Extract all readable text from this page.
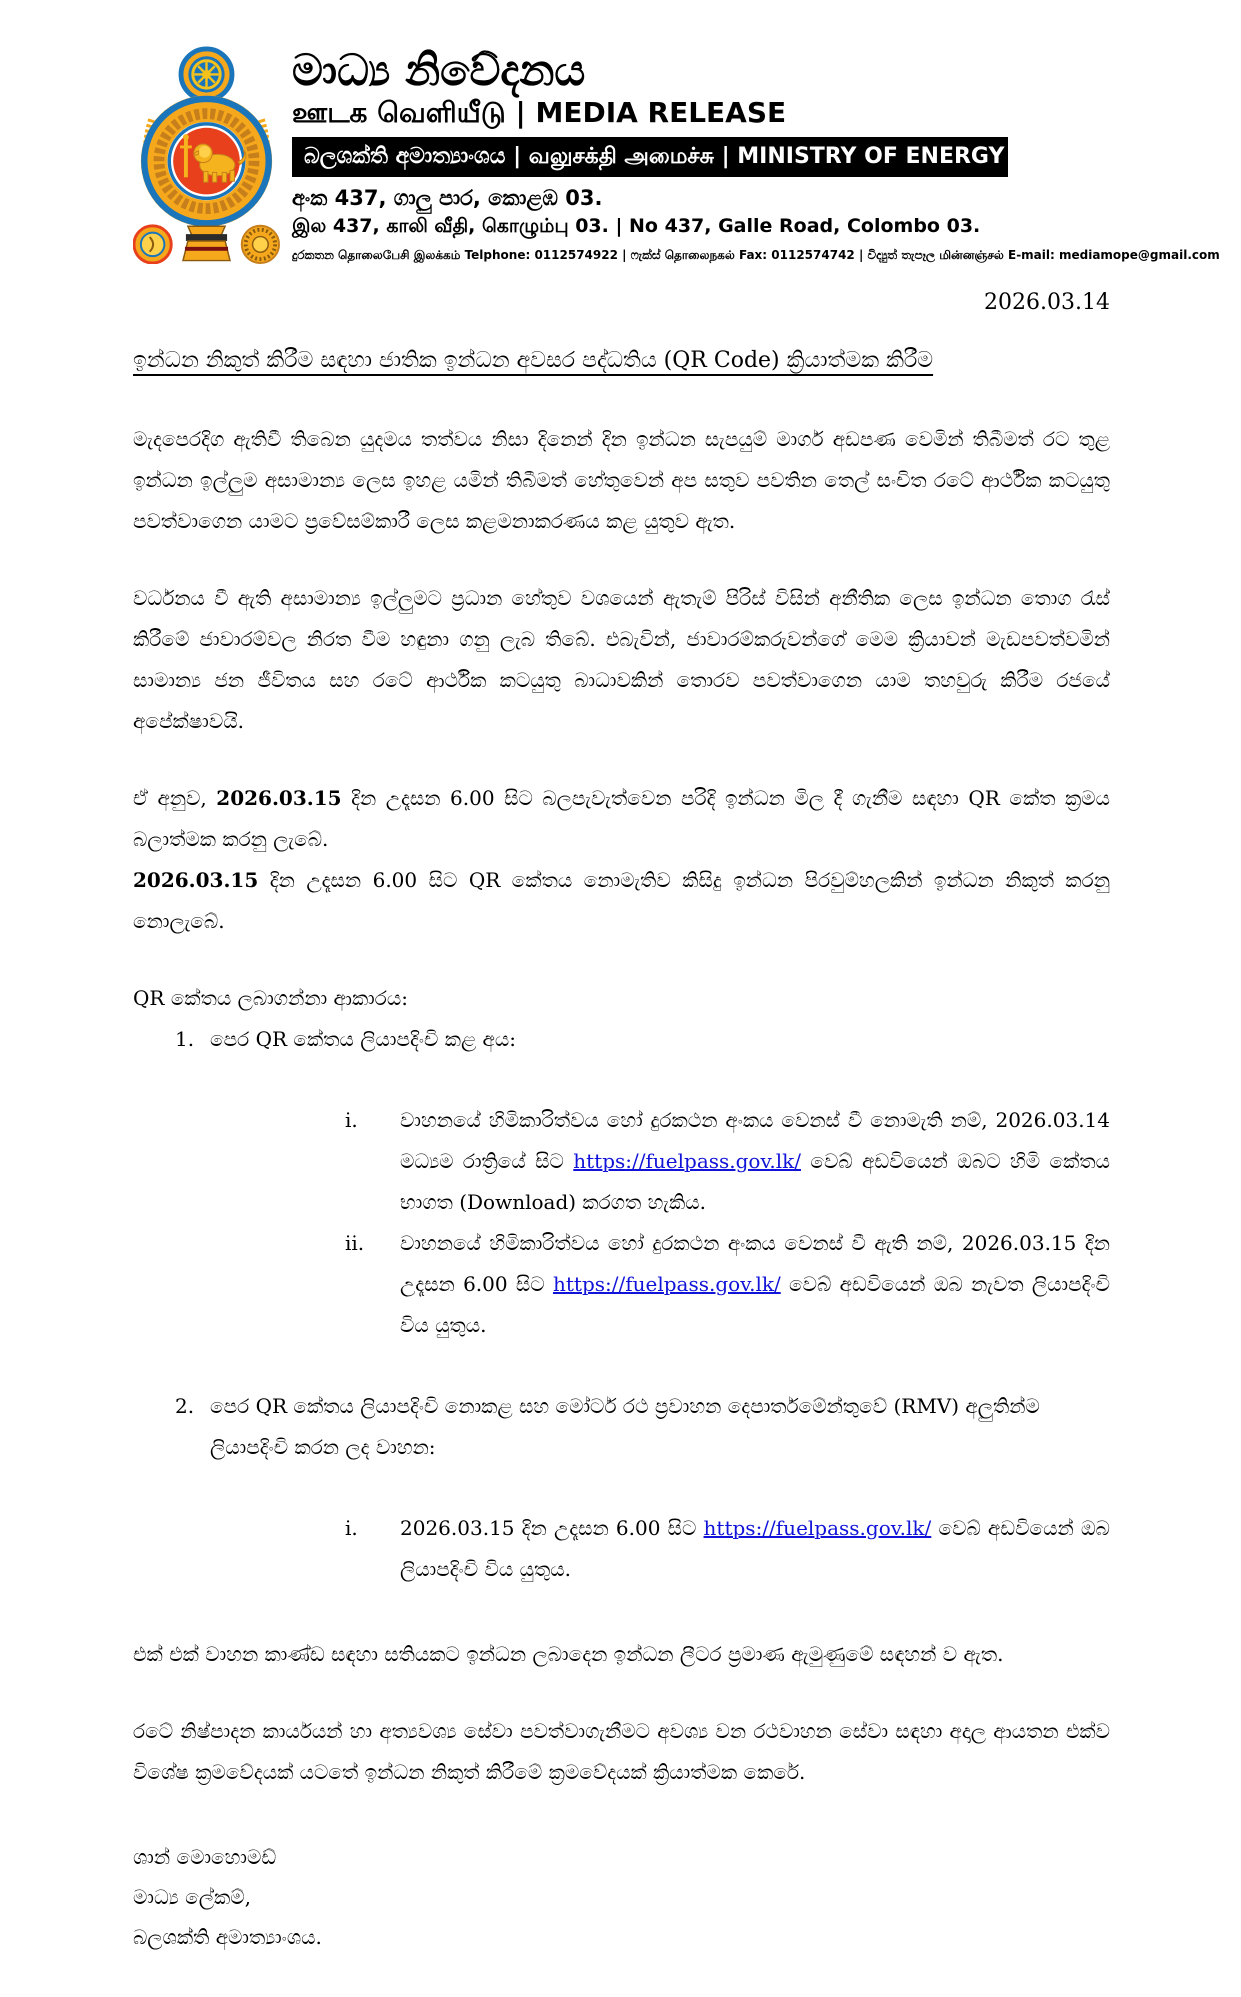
මාධ්‍ය නිවේදනය
ஊடக வெளியீடு | MEDIA RELEASE
බලශක්ති අමාත්‍යාංශය | வலுசக்தி அமைச்சு | MINISTRY OF ENERGY
අංක 437, ගාලු පාර, කොළඹ 03.
இல 437, காலி வீதி, கொழும்பு 03. | No 437, Galle Road, Colombo 03.
දුරකතන தொலைபேசி இலக்கம் Telphone: 0112574922 | ෆැක්ස් தொலைநகல் Fax: 0112574742 | විද්‍යුත් තැපෑල மின்னஞ்சல் E-mail: mediamope@gmail.com
2026.03.14
ඉන්ධන නිකුත් කිරීම සඳහා ජාතික ඉන්ධන අවසර පද්ධතිය (QR Code) ක්‍රියාත්මක කිරීම

මැදපෙරදිග ඇතිවී තිබෙන යුදමය තත්වය නිසා දිනෙන් දින ඉන්ධන සැපයුම් මාර්ග අඩපණ වෙමින් තිබීමත් රට තුළ ඉන්ධන ඉල්ලුම අසාමාන්‍ය ලෙස ඉහළ යමින් තිබීමත් හේතුවෙන් අප සතුව පවතින තෙල් සංචිත රටේ ආර්ථික කටයුතු පවත්වාගෙන යාමට ප්‍රවේසම්කාරී ලෙස කළමනාකරණය කළ යුතුව ඇත.

වර්ධනය වී ඇති අසාමාන්‍ය ඉල්ලුමට ප්‍රධාන හේතුව වශයෙන් ඇතැම් පිරිස් විසින් අනීතික ලෙස ඉන්ධන තොග රැස් කිරීමේ ජාවාරම්වල නිරත වීම හඳුනා ගනු ලැබ තිබේ. එබැවින්, ජාවාරම්කරුවන්ගේ මෙම ක්‍රියාවන් මැඩපවත්වමින් සාමාන්‍ය ජන ජීවිතය සහ රටේ ආර්ථික කටයුතු බාධාවකින් තොරව පවත්වාගෙන යාම තහවුරු කිරීම රජයේ අපේක්ෂාවයි.

ඒ අනුව, 2026.03.15 දින උදෑසන 6.00 සිට බලපැවැත්වෙන පරිදි ඉන්ධන මිල දී ගැනීම සඳහා QR කේත ක්‍රමය බලාත්මක කරනු ලැබේ.

2026.03.15 දින උදෑසන 6.00 සිට QR කේතය නොමැතිව කිසිදු ඉන්ධන පිරවුම්හලකින් ඉන්ධන නිකුත් කරනු නොලැබේ.

QR කේතය ලබාගන්නා ආකාරය:

1. පෙර QR කේතය ලියාපදිංචි කළ අය:
i.	වාහනයේ හිමිකාරිත්වය හෝ දුරකථන අංකය වෙනස් වී නොමැති නම්, 2026.03.14 මධ්‍යම රාත්‍රියේ සිට https://fuelpass.gov.lk/ වෙබ් අඩවියෙන් ඔබට හිමි කේතය භාගත (Download) කරගත හැකිය.
ii.	වාහනයේ හිමිකාරිත්වය හෝ දුරකථන අංකය වෙනස් වී ඇති නම්, 2026.03.15 දින උදෑසන 6.00 සිට https://fuelpass.gov.lk/ වෙබ් අඩවියෙන් ඔබ නැවත ලියාපදිංචි විය යුතුය.
2. පෙර QR කේතය ලියාපදිංචි නොකළ සහ මෝටර් රථ ප්‍රවාහන දෙපාර්තමේන්තුවේ (RMV) අලුතින්ම ලියාපදිංචි කරන ලද වාහන:
i.	2026.03.15 දින උදෑසන 6.00 සිට https://fuelpass.gov.lk/ වෙබ් අඩවියෙන් ඔබ ලියාපදිංචි විය යුතුය.

එක් එක් වාහන කාණ්ඩ සඳහා සතියකට ඉන්ධන ලබාදෙන ඉන්ධන ලීටර ප්‍රමාණ ඇමුණුමේ සඳහන් ව ඇත.

රටේ නිෂ්පාදන කාර්යයන් හා අත්‍යවශ්‍ය සේවා පවත්වාගැනීමට අවශ්‍ය වන රථවාහන සේවා සඳහා අදාල ආයතන එක්ව විශේෂ ක්‍රමවේදයක් යටතේ ඉන්ධන නිකුත් කිරීමේ ක්‍රමවේදයක් ක්‍රියාත්මක කෙරේ.

ශාන් මොහොමඩ්
මාධ්‍ය ලේකම්,
බලශක්ති අමාත්‍යාංශය.
